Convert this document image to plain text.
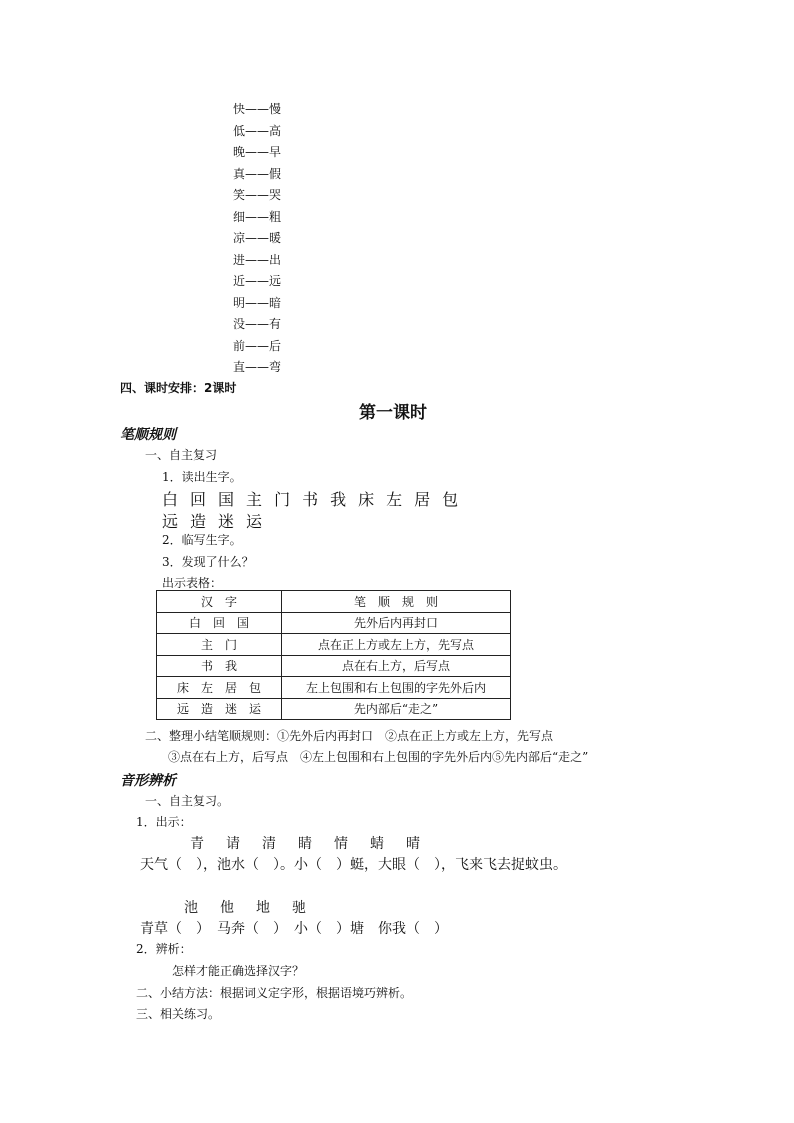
快——慢
低——高
晚——早
真——假
笑——哭
细——粗
凉——暖
进——出
近——远
明——暗
没——有
前——后
直——弯
四、课时安排：2课时
第一课时
笔顺规则
一、自主复习
1．读出生字。
白 回 国 主 门 书 我 床 左 居 包
远 造 迷 运
2．临写生字。
3．发现了什么？
出示表格：
汉　字	笔　顺　规　则
白　回　国	先外后内再封口
主　门	点在正上方或左上方，先写点
书　我	点在右上方，后写点
床　左　居　包	左上包围和右上包围的字先外后内
远　造　迷　运	先内部后“走之”
二、整理小结笔顺规则：①先外后内再封口　②点在正上方或左上方，先写点
③点在右上方，后写点　④左上包围和右上包围的字先外后内⑤先内部后“走之”
音形辨析
一、自主复习。
1．出示：
青 请 清 睛 情 蜻 晴
天气（　），池水（　）。小（　）蜓，大眼（　），飞来飞去捉蚊虫。
池 他 地 驰
青草（　）　马奔（　）　小（　）塘　你我（　）
2．辨析：
怎样才能正确选择汉字？
二、小结方法：根据词义定字形，根据语境巧辨析。
三、相关练习。
